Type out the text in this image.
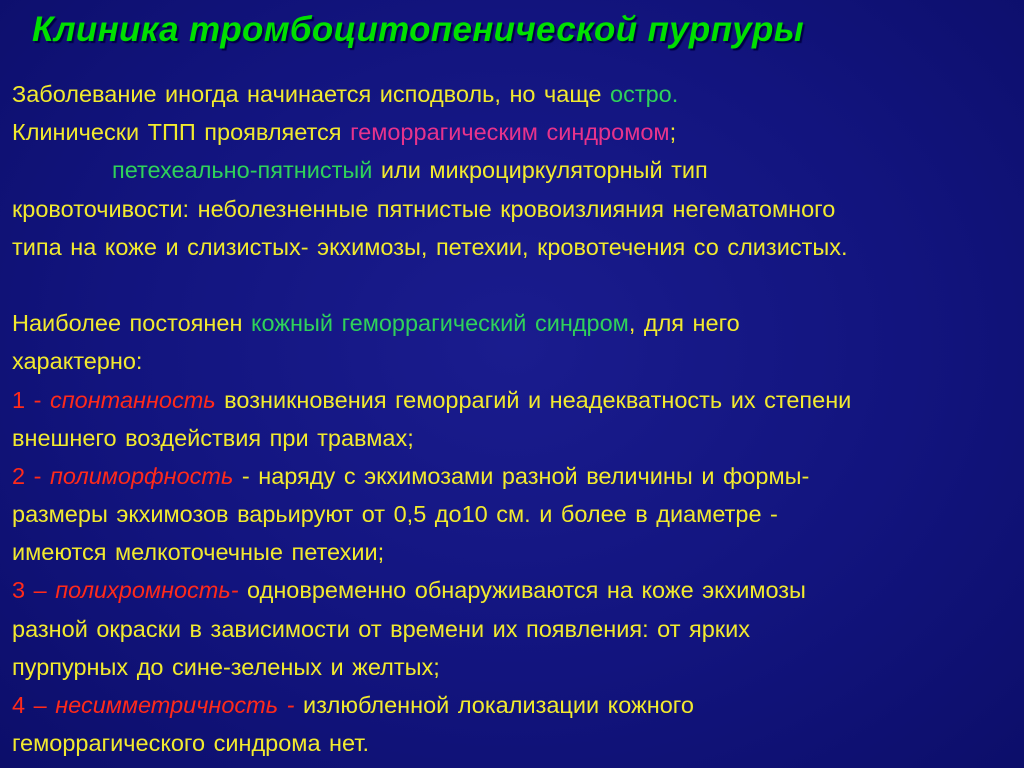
Клиника тромбоцитопенической пурпуры
Заболевание иногда начинается исподволь, но чаще остро.
Клинически ТПП проявляется геморрагическим синдромом;
петехеально-пятнистый или микроциркуляторный тип
кровоточивости: неболезненные пятнистые кровоизлияния негематомного
типа на коже и слизистых- экхимозы, петехии, кровотечения со слизистых.
Наиболее постоянен кожный геморрагический синдром, для него
характерно:
1 - спонтанность возникновения геморрагий и неадекватность их степени
внешнего воздействия при травмах;
2 - полиморфность - наряду с экхимозами разной величины и формы-
размеры экхимозов варьируют от 0,5 до10 см. и более в диаметре -
имеются мелкоточечные петехии;
3 – полихромность- одновременно обнаруживаются на коже экхимозы
разной окраски в зависимости от времени их появления: от ярких
пурпурных до сине-зеленых и желтых;
4 – несимметричность - излюбленной локализации кожного
геморрагического синдрома нет.
